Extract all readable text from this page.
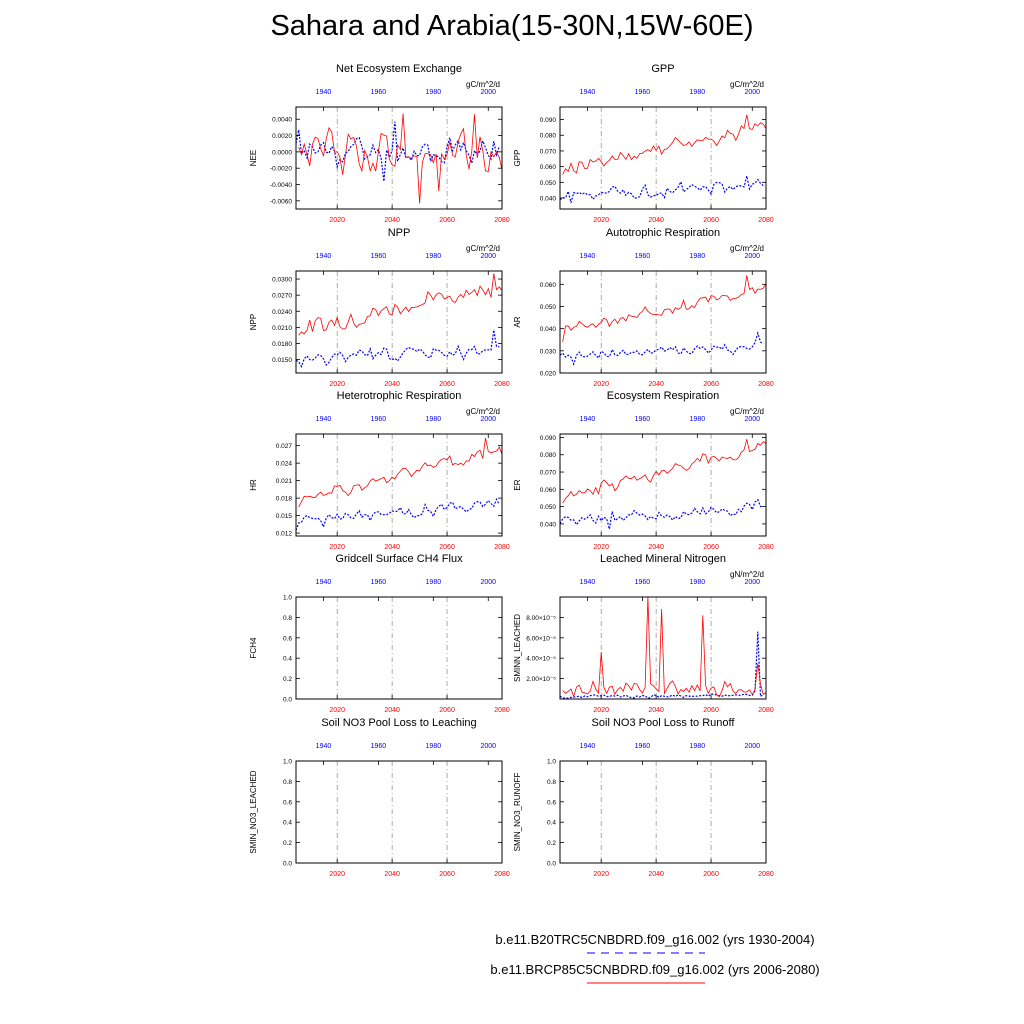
Sahara and Arabia(15-30N,15W-60E)
Net Ecosystem Exchange
gC/m^2/d
NEE
-0.0060
-0.0040
-0.0020
0.0000
0.0020
0.0040
2020	2040	2060	2080
1940	1960	1980	2000
GPP
gC/m^2/d
GPP
0.040
0.050
0.060
0.070
0.080
0.090
2020	2040	2060	2080
1940	1960	1980	2000
NPP
gC/m^2/d
NPP
0.0150
0.0180
0.0210
0.0240
0.0270
0.0300
2020	2040	2060	2080
1940	1960	1980	2000
Autotrophic Respiration
gC/m^2/d
AR
0.020
0.030
0.040
0.050
0.060
2020	2040	2060	2080
1940	1960	1980	2000
Heterotrophic Respiration
gC/m^2/d
HR
0.012
0.015
0.018
0.021
0.024
0.027
2020	2040	2060	2080
1940	1960	1980	2000
Ecosystem Respiration
gC/m^2/d
ER
0.040
0.050
0.060
0.070
0.080
0.090
2020	2040	2060	2080
1940	1960	1980	2000
Gridcell Surface CH4 Flux
FCH4
0.0
0.2
0.4
0.6
0.8
1.0
2020	2040	2060	2080
1940	1960	1980	2000
Leached Mineral Nitrogen
gN/m^2/d
SMINN_LEACHED 2.00×10⁻⁵
4.00×10⁻⁵
6.00×10⁻⁵
8.00×10⁻⁵
2020	2040	2060	2080
1940	1960	1980	2000
Soil NO3 Pool Loss to Leaching
SMIN_NO3_LEACHED
0.0
0.2
0.4
0.6
0.8
1.0
2020	2040	2060	2080
1940	1960	1980	2000
Soil NO3 Pool Loss to Runoff
SMIN_NO3_RUNOFF
0.0
0.2
0.4
0.6
0.8
1.0
2020	2040	2060	2080
1940	1960	1980	2000
b.e11.B20TRC5CNBDRD.f09_g16.002 (yrs 1930-2004)
b.e11.BRCP85C5CNBDRD.f09_g16.002 (yrs 2006-2080)
